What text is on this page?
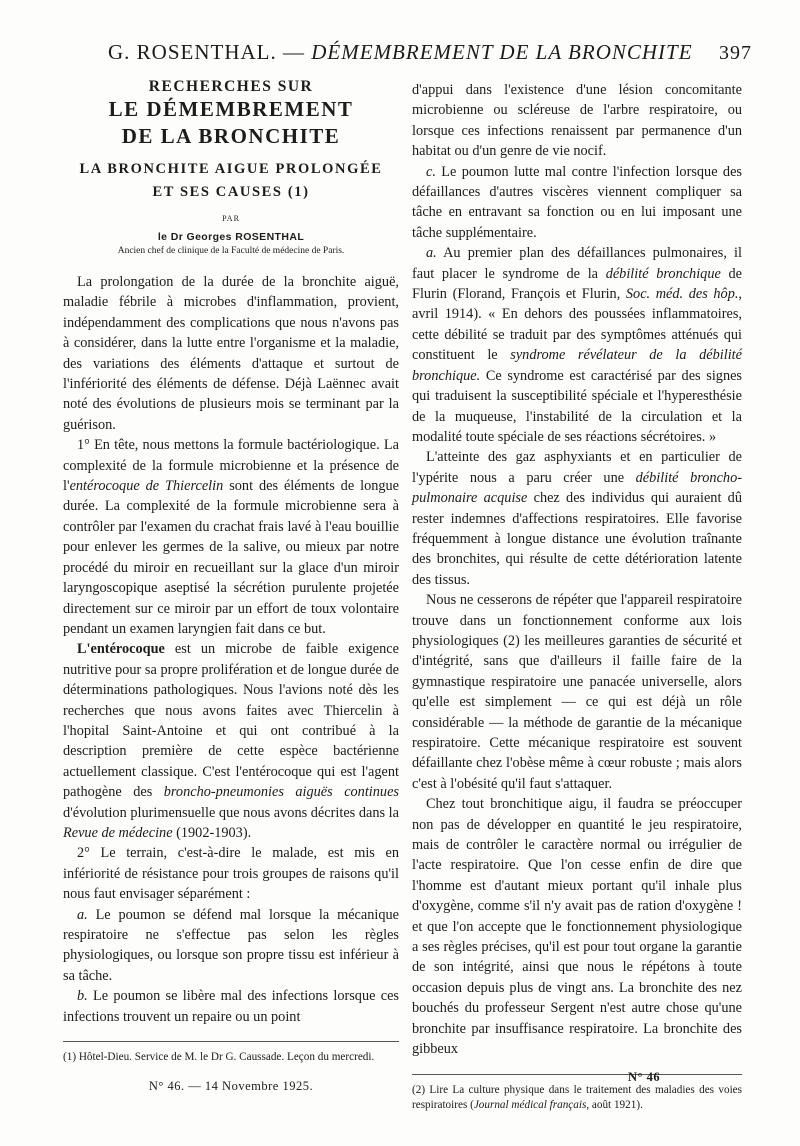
G. ROSENTHAL. — DÉMEMBREMENT DE LA BRONCHITE 397
RECHERCHES SUR
LE DÉMEMBREMENT
DE LA BRONCHITE
LA BRONCHITE AIGUE PROLONGÉE
ET SES CAUSES (1)
PAR
le Dr Georges ROSENTHAL
Ancien chef de clinique de la Faculté de médecine de Paris.

La prolongation de la durée de la bronchite aiguë, maladie fébrile à microbes d'inflammation, provient, indépendamment des complications que nous n'avons pas à considérer, dans la lutte entre l'organisme et la maladie, des variations des éléments d'attaque et surtout de l'infériorité des éléments de défense. Déjà Laënnec avait noté des évolutions de plusieurs mois se terminant par la guérison.

1° En tête, nous mettons la formule bactériologique. La complexité de la formule microbienne et la présence de l'entérocoque de Thiercelin sont des éléments de longue durée. La complexité de la formule microbienne sera à contrôler par l'examen du crachat frais lavé à l'eau bouillie pour enlever les germes de la salive, ou mieux par notre procédé du miroir en recueillant sur la glace d'un miroir laryngoscopique aseptisé la sécrétion purulente projetée directement sur ce miroir par un effort de toux volontaire pendant un examen laryngien fait dans ce but.

L'entérocoque est un microbe de faible exigence nutritive pour sa propre prolifération et de longue durée de déterminations pathologiques. Nous l'avions noté dès les recherches que nous avons faites avec Thiercelin à l'hopital Saint-Antoine et qui ont contribué à la description première de cette espèce bactérienne actuellement classique. C'est l'entérocoque qui est l'agent pathogène des broncho-pneumonies aiguës continues d'évolution plurimensuelle que nous avons décrites dans la Revue de médecine (1902-1903).

2° Le terrain, c'est-à-dire le malade, est mis en infériorité de résistance pour trois groupes de raisons qu'il nous faut envisager séparément :

a. Le poumon se défend mal lorsque la mécanique respiratoire ne s'effectue pas selon les règles physiologiques, ou lorsque son propre tissu est inférieur à sa tâche.

b. Le poumon se libère mal des infections lorsque ces infections trouvent un repaire ou un point

(1) Hôtel-Dieu. Service de M. le Dr G. Caussade. Leçon du mercredi.

N° 46. — 14 Novembre 1925.

d'appui dans l'existence d'une lésion concomitante microbienne ou scléreuse de l'arbre respiratoire, ou lorsque ces infections renaissent par permanence d'un habitat ou d'un genre de vie nocif.

c. Le poumon lutte mal contre l'infection lorsque des défaillances d'autres viscères viennent compliquer sa tâche en entravant sa fonction ou en lui imposant une tâche supplémentaire.

a. Au premier plan des défaillances pulmonaires, il faut placer le syndrome de la débilité bronchique de Flurin (Florand, François et Flurin, Soc. méd. des hôp., avril 1914). « En dehors des poussées inflammatoires, cette débilité se traduit par des symptômes atténués qui constituent le syndrome révélateur de la débilité bronchique. Ce syndrome est caractérisé par des signes qui traduisent la susceptibilité spéciale et l'hyperesthésie de la muqueuse, l'instabilité de la circulation et la modalité toute spéciale de ses réactions sécrétoires. »

L'atteinte des gaz asphyxiants et en particulier de l'ypérite nous a paru créer une débilité broncho-pulmonaire acquise chez des individus qui auraient dû rester indemnes d'affections respiratoires. Elle favorise fréquemment à longue distance une évolution traînante des bronchites, qui résulte de cette détérioration latente des tissus.

Nous ne cesserons de répéter que l'appareil respiratoire trouve dans un fonctionnement conforme aux lois physiologiques (2) les meilleures garanties de sécurité et d'intégrité, sans que d'ailleurs il faille faire de la gymnastique respiratoire une panacée universelle, alors qu'elle est simplement — ce qui est déjà un rôle considérable — la méthode de garantie de la mécanique respiratoire. Cette mécanique respiratoire est souvent défaillante chez l'obèse même à cœur robuste ; mais alors c'est à l'obésité qu'il faut s'attaquer.

Chez tout bronchitique aigu, il faudra se préoccuper non pas de développer en quantité le jeu respiratoire, mais de contrôler le caractère normal ou irrégulier de l'acte respiratoire. Que l'on cesse enfin de dire que l'homme est d'autant mieux portant qu'il inhale plus d'oxygène, comme s'il n'y avait pas de ration d'oxygène ! et que l'on accepte que le fonctionnement physiologique a ses règles précises, qu'il est pour tout organe la garantie de son intégrité, ainsi que nous le répétons à toute occasion depuis plus de vingt ans. La bronchite des nez bouchés du professeur Sergent n'est autre chose qu'une bronchite par insuffisance respiratoire. La bronchite des gibbeux

(2) Lire La culture physique dans le traitement des maladies des voies respiratoires (Journal médical français, août 1921).

N° 46
